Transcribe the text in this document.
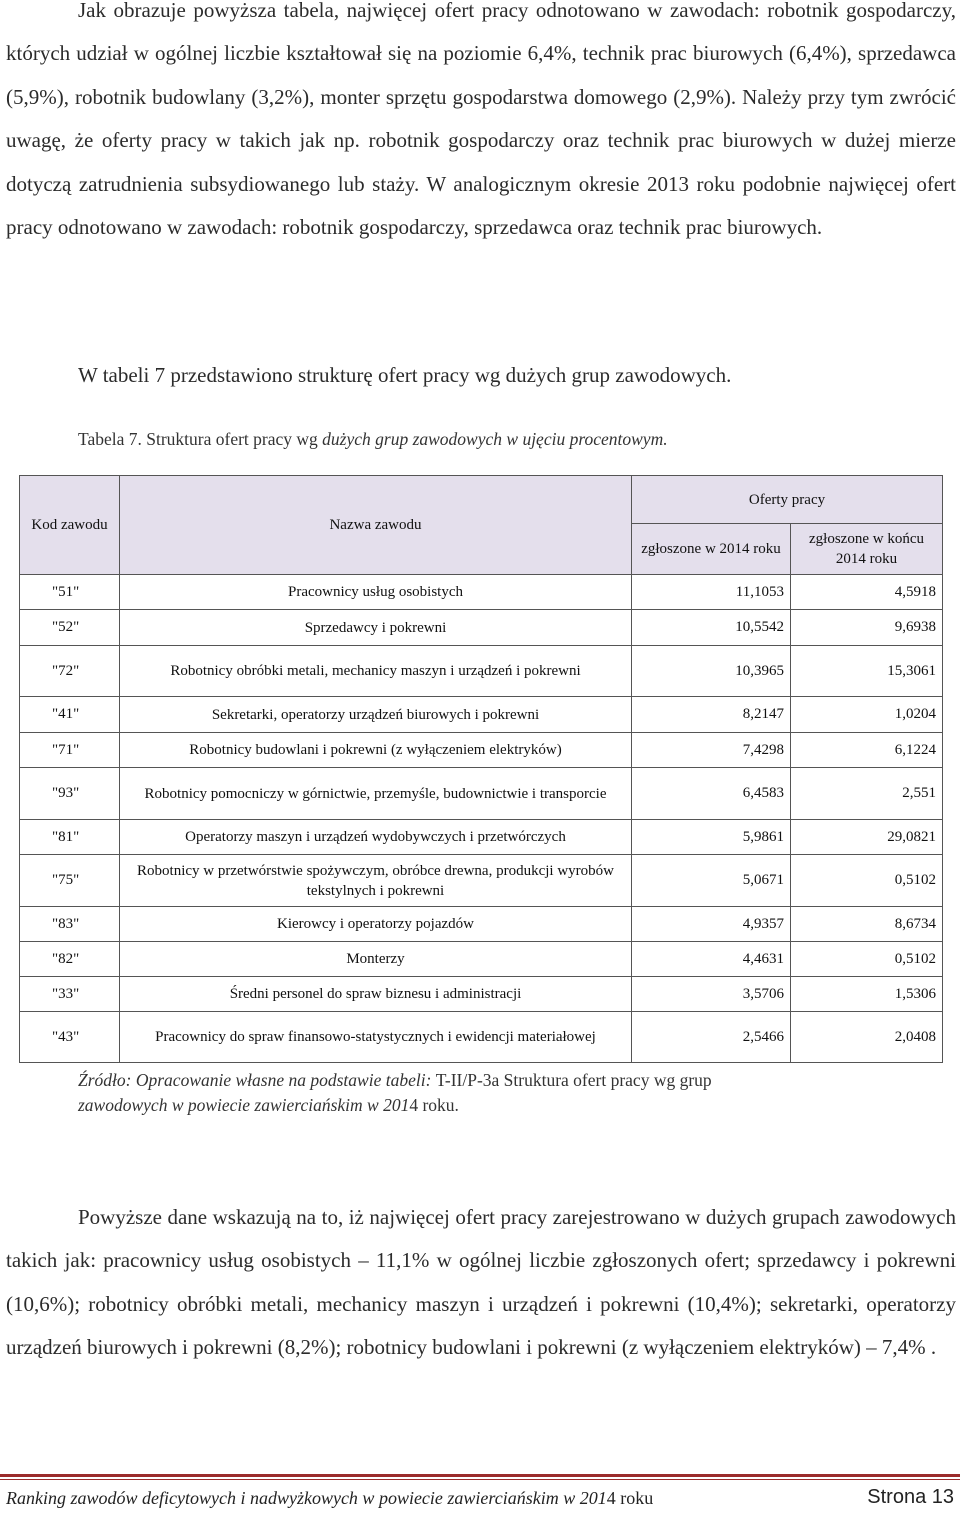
Jak obrazuje powyższa tabela, najwięcej ofert pracy odnotowano w zawodach: robotnik gospodarczy, których udział w ogólnej liczbie kształtował się na poziomie 6,4%, technik prac biurowych (6,4%), sprzedawca (5,9%), robotnik budowlany (3,2%), monter sprzętu gospodarstwa domowego (2,9%). Należy przy tym zwrócić uwagę, że oferty pracy w takich jak np. robotnik gospodarczy oraz technik prac biurowych w dużej mierze dotyczą zatrudnienia subsydiowanego lub staży. W analogicznym okresie 2013 roku podobnie najwięcej ofert pracy odnotowano w zawodach: robotnik gospodarczy, sprzedawca oraz technik prac biurowych.

W tabeli 7 przedstawiono strukturę ofert pracy wg dużych grup zawodowych.

Tabela 7. Struktura ofert pracy wg dużych grup zawodowych w ujęciu procentowym.

Kod zawodu	Nazwa zawodu	Oferty pracy	
		zgłoszone w 2014 roku	zgłoszone w końcu 2014 roku
"51"	Pracownicy usług osobistych	11,1053	4,5918
"52"	Sprzedawcy i pokrewni	10,5542	9,6938
"72"	Robotnicy obróbki metali, mechanicy maszyn i urządzeń i pokrewni	10,3965	15,3061
"41"	Sekretarki, operatorzy urządzeń biurowych i pokrewni	8,2147	1,0204
"71"	Robotnicy budowlani i pokrewni (z wyłączeniem elektryków)	7,4298	6,1224
"93"	Robotnicy pomocniczy w górnictwie, przemyśle, budownictwie i transporcie	6,4583	2,551
"81"	Operatorzy maszyn i urządzeń wydobywczych i przetwórczych	5,9861	29,0821
"75"	Robotnicy w przetwórstwie spożywczym, obróbce drewna, produkcji wyrobów tekstylnych i pokrewni	5,0671	0,5102
"83"	Kierowcy i operatorzy pojazdów	4,9357	8,6734
"82"	Monterzy	4,4631	0,5102
"33"	Średni personel do spraw biznesu i administracji	3,5706	1,5306
"43"	Pracownicy do spraw finansowo-statystycznych i ewidencji materiałowej	2,5466	2,0408

Źródło: Opracowanie własne na podstawie tabeli: T-II/P-3a Struktura ofert pracy wg grup
zawodowych w powiecie zawierciańskim w 2014 roku.

Powyższe dane wskazują na to, iż najwięcej ofert pracy zarejestrowano w dużych grupach zawodowych takich jak: pracownicy usług osobistych – 11,1% w ogólnej liczbie zgłoszonych ofert; sprzedawcy i pokrewni (10,6%); robotnicy obróbki metali, mechanicy maszyn i urządzeń i pokrewni (10,4%); sekretarki, operatorzy urządzeń biurowych i pokrewni (8,2%); robotnicy budowlani i pokrewni (z wyłączeniem elektryków) – 7,4% .

Ranking zawodów deficytowych i nadwyżkowych w powiecie zawierciańskim w 2014 roku	Strona 13
